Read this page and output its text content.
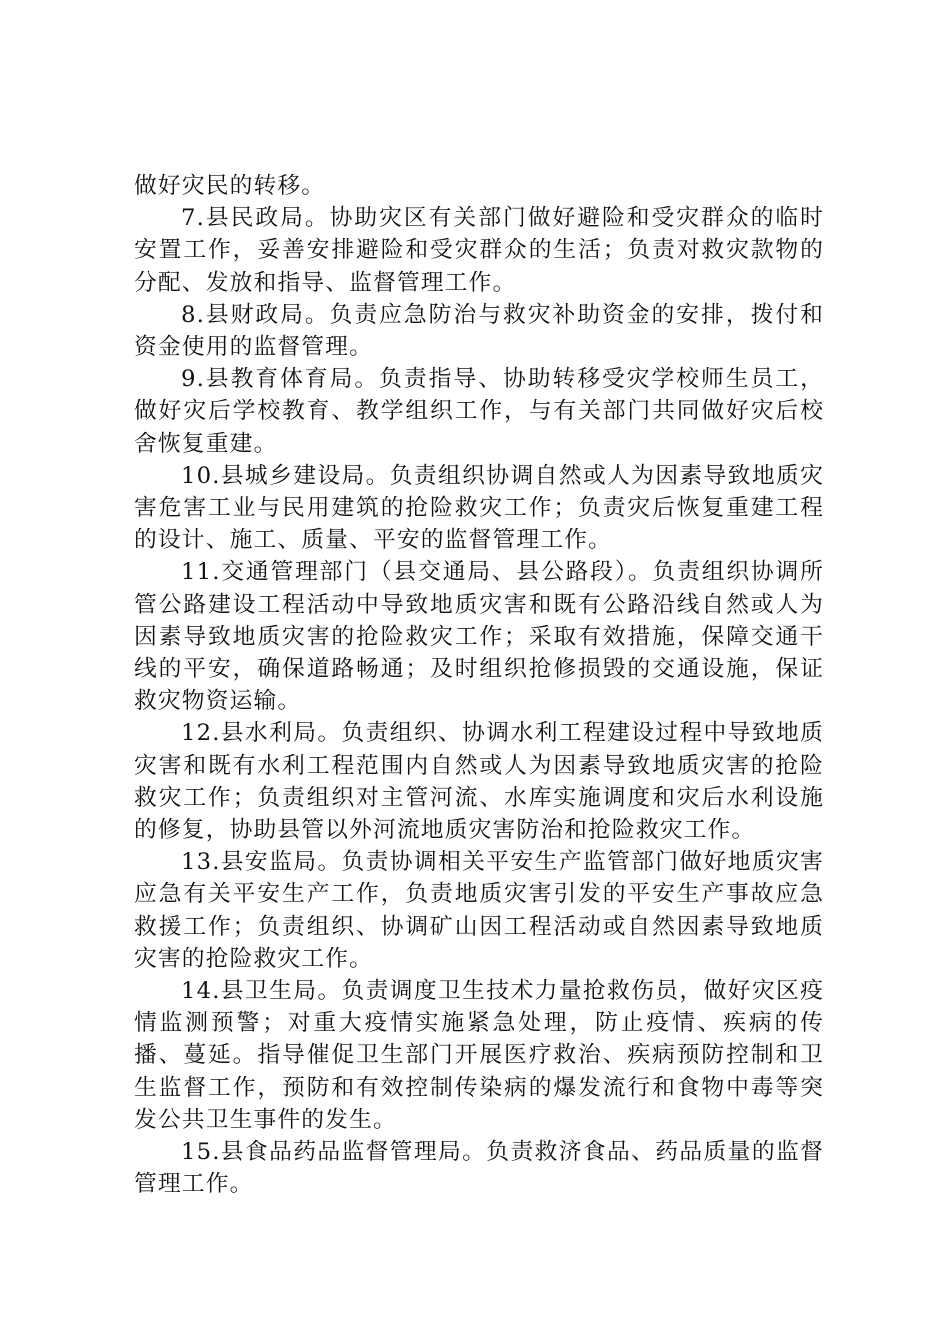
做好灾民的转移。

7.县民政局。协助灾区有关部门做好避险和受灾群众的临时安置工作，妥善安排避险和受灾群众的生活；负责对救灾款物的分配、发放和指导、监督管理工作。

8.县财政局。负责应急防治与救灾补助资金的安排，拨付和资金使用的监督管理。

9.县教育体育局。负责指导、协助转移受灾学校师生员工，做好灾后学校教育、教学组织工作，与有关部门共同做好灾后校舍恢复重建。

10.县城乡建设局。负责组织协调自然或人为因素导致地质灾害危害工业与民用建筑的抢险救灾工作；负责灾后恢复重建工程的设计、施工、质量、平安的监督管理工作。

11.交通管理部门（县交通局、县公路段）。负责组织协调所管公路建设工程活动中导致地质灾害和既有公路沿线自然或人为因素导致地质灾害的抢险救灾工作；采取有效措施，保障交通干线的平安，确保道路畅通；及时组织抢修损毁的交通设施，保证救灾物资运输。

12.县水利局。负责组织、协调水利工程建设过程中导致地质灾害和既有水利工程范围内自然或人为因素导致地质灾害的抢险救灾工作；负责组织对主管河流、水库实施调度和灾后水利设施的修复，协助县管以外河流地质灾害防治和抢险救灾工作。

13.县安监局。负责协调相关平安生产监管部门做好地质灾害应急有关平安生产工作，负责地质灾害引发的平安生产事故应急救援工作；负责组织、协调矿山因工程活动或自然因素导致地质灾害的抢险救灾工作。

14.县卫生局。负责调度卫生技术力量抢救伤员，做好灾区疫情监测预警；对重大疫情实施紧急处理，防止疫情、疾病的传播、蔓延。指导催促卫生部门开展医疗救治、疾病预防控制和卫生监督工作，预防和有效控制传染病的爆发流行和食物中毒等突发公共卫生事件的发生。

15.县食品药品监督管理局。负责救济食品、药品质量的监督管理工作。
